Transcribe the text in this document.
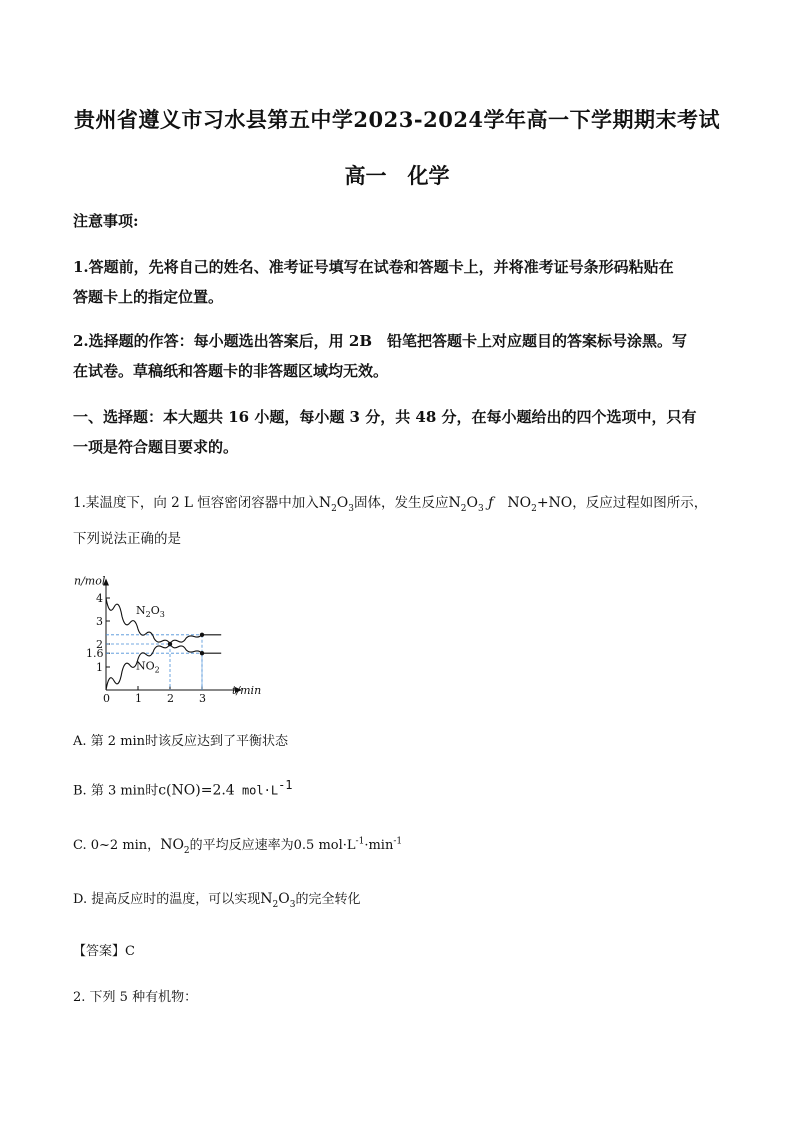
贵州省遵义市习水县第五中学2023-2024学年高一下学期期末考试
高一　化学
注意事项:
1.答题前，先将自己的姓名、准考证号填写在试卷和答题卡上，并将准考证号条形码粘贴在
答题卡上的指定位置。
2.选择题的作答：每小题选出答案后，用 2B　铅笔把答题卡上对应题目的答案标号涂黑。写
在试卷。草稿纸和答题卡的非答题区域均无效。
一、选择题：本大题共 16 小题，每小题 3 分，共 48 分，在每小题给出的四个选项中，只有
一项是符合题目要求的。
1.某温度下，向 2 L 恒容密闭容器中加入$N_2O_3$固体，发生反应$N_2O_3$ ƒ　$NO_2+NO$，反应过程如图所示，
下列说法正确的是
n/mol
t/min
0 1 2 3
1
1.6
2
3
4
$N_2O_3$
$NO_2$
A. 第 2 min时该反应达到了平衡状态
B. 第 3 min时c(NO)=2.4 $mol\cdot L^{-1}$
C. 0~2 min，$NO_2$的平均反应速率为0.5 $mol\cdot L^{-1}\cdot\min^{-1}$
D. 提高反应时的温度，可以实现$N_2O_3$的完全转化
【答案】C
2. 下列 5 种有机物：
